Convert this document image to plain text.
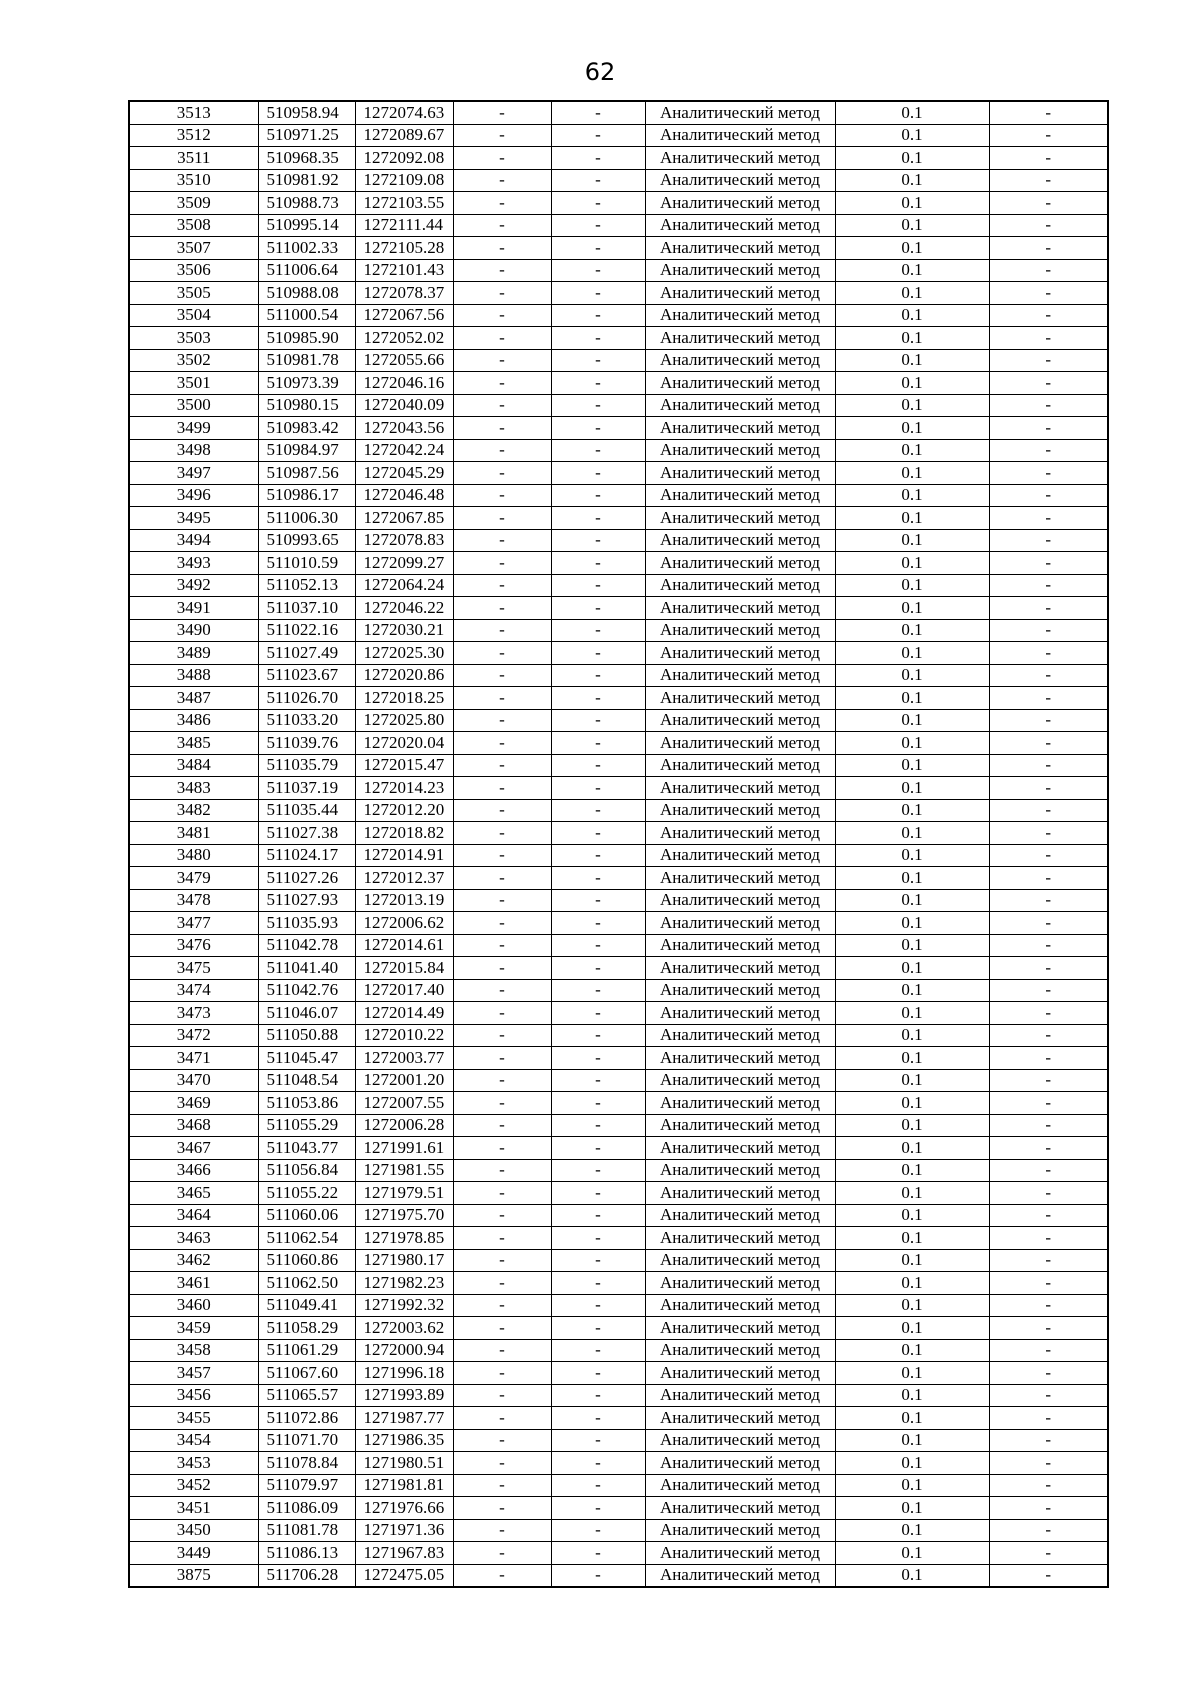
62
3513	510958.94	1272074.63	-	-	Аналитический метод	0.1	-
3512	510971.25	1272089.67	-	-	Аналитический метод	0.1	-
3511	510968.35	1272092.08	-	-	Аналитический метод	0.1	-
3510	510981.92	1272109.08	-	-	Аналитический метод	0.1	-
3509	510988.73	1272103.55	-	-	Аналитический метод	0.1	-
3508	510995.14	1272111.44	-	-	Аналитический метод	0.1	-
3507	511002.33	1272105.28	-	-	Аналитический метод	0.1	-
3506	511006.64	1272101.43	-	-	Аналитический метод	0.1	-
3505	510988.08	1272078.37	-	-	Аналитический метод	0.1	-
3504	511000.54	1272067.56	-	-	Аналитический метод	0.1	-
3503	510985.90	1272052.02	-	-	Аналитический метод	0.1	-
3502	510981.78	1272055.66	-	-	Аналитический метод	0.1	-
3501	510973.39	1272046.16	-	-	Аналитический метод	0.1	-
3500	510980.15	1272040.09	-	-	Аналитический метод	0.1	-
3499	510983.42	1272043.56	-	-	Аналитический метод	0.1	-
3498	510984.97	1272042.24	-	-	Аналитический метод	0.1	-
3497	510987.56	1272045.29	-	-	Аналитический метод	0.1	-
3496	510986.17	1272046.48	-	-	Аналитический метод	0.1	-
3495	511006.30	1272067.85	-	-	Аналитический метод	0.1	-
3494	510993.65	1272078.83	-	-	Аналитический метод	0.1	-
3493	511010.59	1272099.27	-	-	Аналитический метод	0.1	-
3492	511052.13	1272064.24	-	-	Аналитический метод	0.1	-
3491	511037.10	1272046.22	-	-	Аналитический метод	0.1	-
3490	511022.16	1272030.21	-	-	Аналитический метод	0.1	-
3489	511027.49	1272025.30	-	-	Аналитический метод	0.1	-
3488	511023.67	1272020.86	-	-	Аналитический метод	0.1	-
3487	511026.70	1272018.25	-	-	Аналитический метод	0.1	-
3486	511033.20	1272025.80	-	-	Аналитический метод	0.1	-
3485	511039.76	1272020.04	-	-	Аналитический метод	0.1	-
3484	511035.79	1272015.47	-	-	Аналитический метод	0.1	-
3483	511037.19	1272014.23	-	-	Аналитический метод	0.1	-
3482	511035.44	1272012.20	-	-	Аналитический метод	0.1	-
3481	511027.38	1272018.82	-	-	Аналитический метод	0.1	-
3480	511024.17	1272014.91	-	-	Аналитический метод	0.1	-
3479	511027.26	1272012.37	-	-	Аналитический метод	0.1	-
3478	511027.93	1272013.19	-	-	Аналитический метод	0.1	-
3477	511035.93	1272006.62	-	-	Аналитический метод	0.1	-
3476	511042.78	1272014.61	-	-	Аналитический метод	0.1	-
3475	511041.40	1272015.84	-	-	Аналитический метод	0.1	-
3474	511042.76	1272017.40	-	-	Аналитический метод	0.1	-
3473	511046.07	1272014.49	-	-	Аналитический метод	0.1	-
3472	511050.88	1272010.22	-	-	Аналитический метод	0.1	-
3471	511045.47	1272003.77	-	-	Аналитический метод	0.1	-
3470	511048.54	1272001.20	-	-	Аналитический метод	0.1	-
3469	511053.86	1272007.55	-	-	Аналитический метод	0.1	-
3468	511055.29	1272006.28	-	-	Аналитический метод	0.1	-
3467	511043.77	1271991.61	-	-	Аналитический метод	0.1	-
3466	511056.84	1271981.55	-	-	Аналитический метод	0.1	-
3465	511055.22	1271979.51	-	-	Аналитический метод	0.1	-
3464	511060.06	1271975.70	-	-	Аналитический метод	0.1	-
3463	511062.54	1271978.85	-	-	Аналитический метод	0.1	-
3462	511060.86	1271980.17	-	-	Аналитический метод	0.1	-
3461	511062.50	1271982.23	-	-	Аналитический метод	0.1	-
3460	511049.41	1271992.32	-	-	Аналитический метод	0.1	-
3459	511058.29	1272003.62	-	-	Аналитический метод	0.1	-
3458	511061.29	1272000.94	-	-	Аналитический метод	0.1	-
3457	511067.60	1271996.18	-	-	Аналитический метод	0.1	-
3456	511065.57	1271993.89	-	-	Аналитический метод	0.1	-
3455	511072.86	1271987.77	-	-	Аналитический метод	0.1	-
3454	511071.70	1271986.35	-	-	Аналитический метод	0.1	-
3453	511078.84	1271980.51	-	-	Аналитический метод	0.1	-
3452	511079.97	1271981.81	-	-	Аналитический метод	0.1	-
3451	511086.09	1271976.66	-	-	Аналитический метод	0.1	-
3450	511081.78	1271971.36	-	-	Аналитический метод	0.1	-
3449	511086.13	1271967.83	-	-	Аналитический метод	0.1	-
3875	511706.28	1272475.05	-	-	Аналитический метод	0.1	-
